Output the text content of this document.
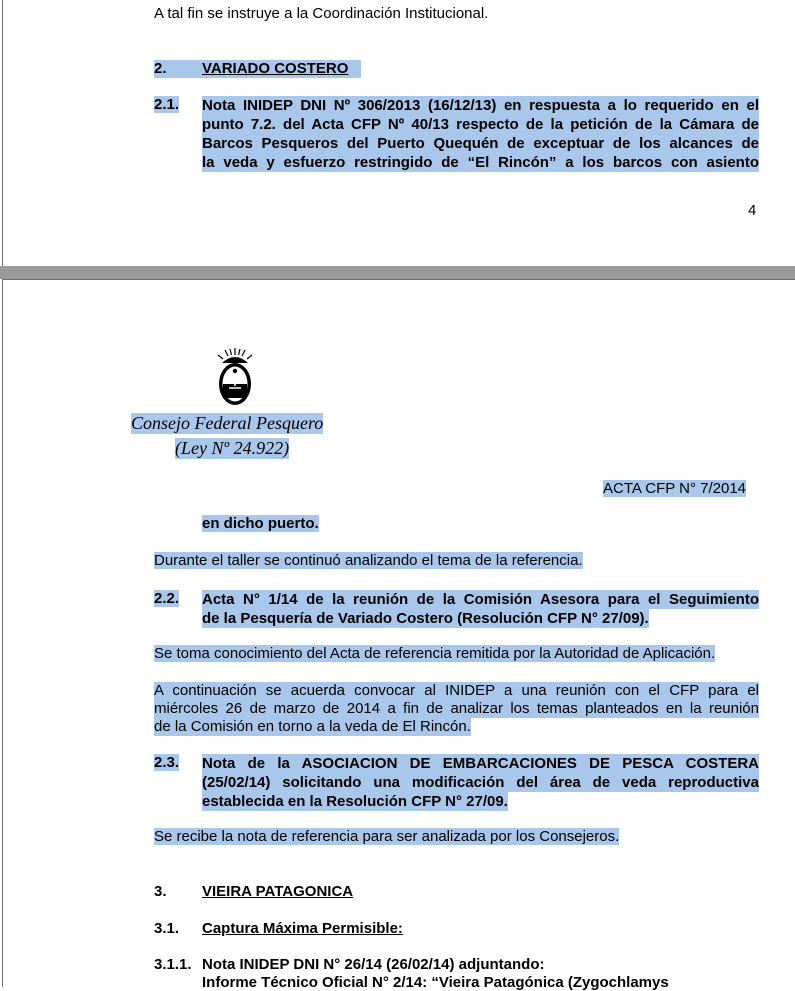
A tal fin se instruye a la Coordinación Institucional.
2. VARIADO COSTERO
2.1. Nota INIDEP DNI Nº 306/2013 (16/12/13) en respuesta a lo requerido en el
punto 7.2. del Acta CFP Nº 40/13 respecto de la petición de la Cámara de
Barcos Pesqueros del Puerto Quequén de exceptuar de los alcances de
la veda y esfuerzo restringido de “El Rincón” a los barcos con asiento
4
Consejo Federal Pesquero
(Ley Nº 24.922)
ACTA CFP N° 7/2014
en dicho puerto.
Durante el taller se continuó analizando el tema de la referencia.
2.2. Acta N° 1/14 de la reunión de la Comisión Asesora para el Seguimiento
de la Pesquería de Variado Costero (Resolución CFP N° 27/09).
Se toma conocimiento del Acta de referencia remitida por la Autoridad de Aplicación.
A continuación se acuerda convocar al INIDEP a una reunión con el CFP para el
miércoles 26 de marzo de 2014 a fin de analizar los temas planteados en la reunión
de la Comisión en torno a la veda de El Rincón.
2.3. Nota de la ASOCIACION DE EMBARCACIONES DE PESCA COSTERA
(25/02/14) solicitando una modificación del área de veda reproductiva
establecida en la Resolución CFP N° 27/09.
Se recibe la nota de referencia para ser analizada por los Consejeros.
3. VIEIRA PATAGONICA
3.1. Captura Máxima Permisible:
3.1.1. Nota INIDEP DNI N° 26/14 (26/02/14) adjuntando:
Informe Técnico Oficial N° 2/14: “Vieira Patagónica (Zygochlamys
